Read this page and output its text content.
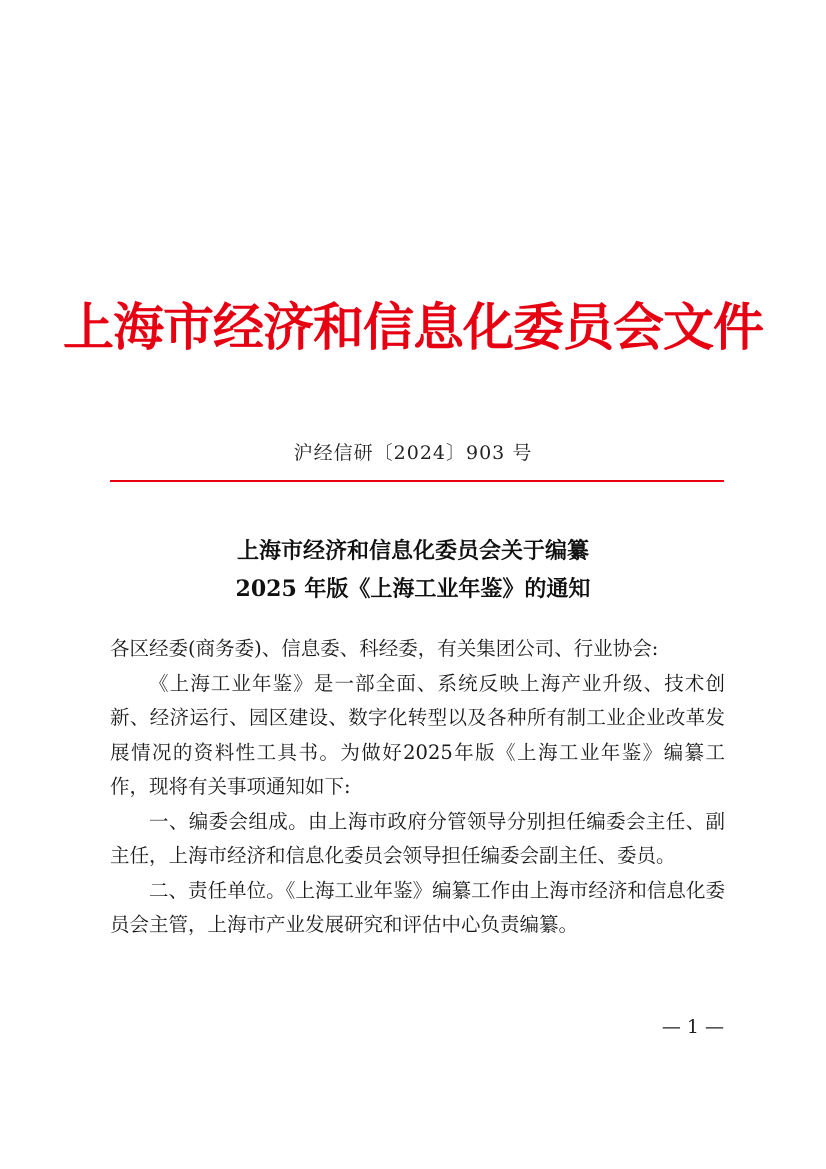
上海市经济和信息化委员会文件
沪经信研〔2024〕903 号
上海市经济和信息化委员会关于编纂
2025 年版《上海工业年鉴》的通知

各区经委(商务委)、信息委、科经委，有关集团公司、行业协会:

《上海工业年鉴》是一部全面、系统反映上海产业升级、技术创新、经济运行、园区建设、数字化转型以及各种所有制工业企业改革发展情况的资料性工具书。为做好2025年版《上海工业年鉴》编纂工作，现将有关事项通知如下:

一、编委会组成。由上海市政府分管领导分别担任编委会主任、副主任，上海市经济和信息化委员会领导担任编委会副主任、委员。

二、责任单位。《上海工业年鉴》编纂工作由上海市经济和信息化委员会主管，上海市产业发展研究和评估中心负责编纂。

— 1 —
